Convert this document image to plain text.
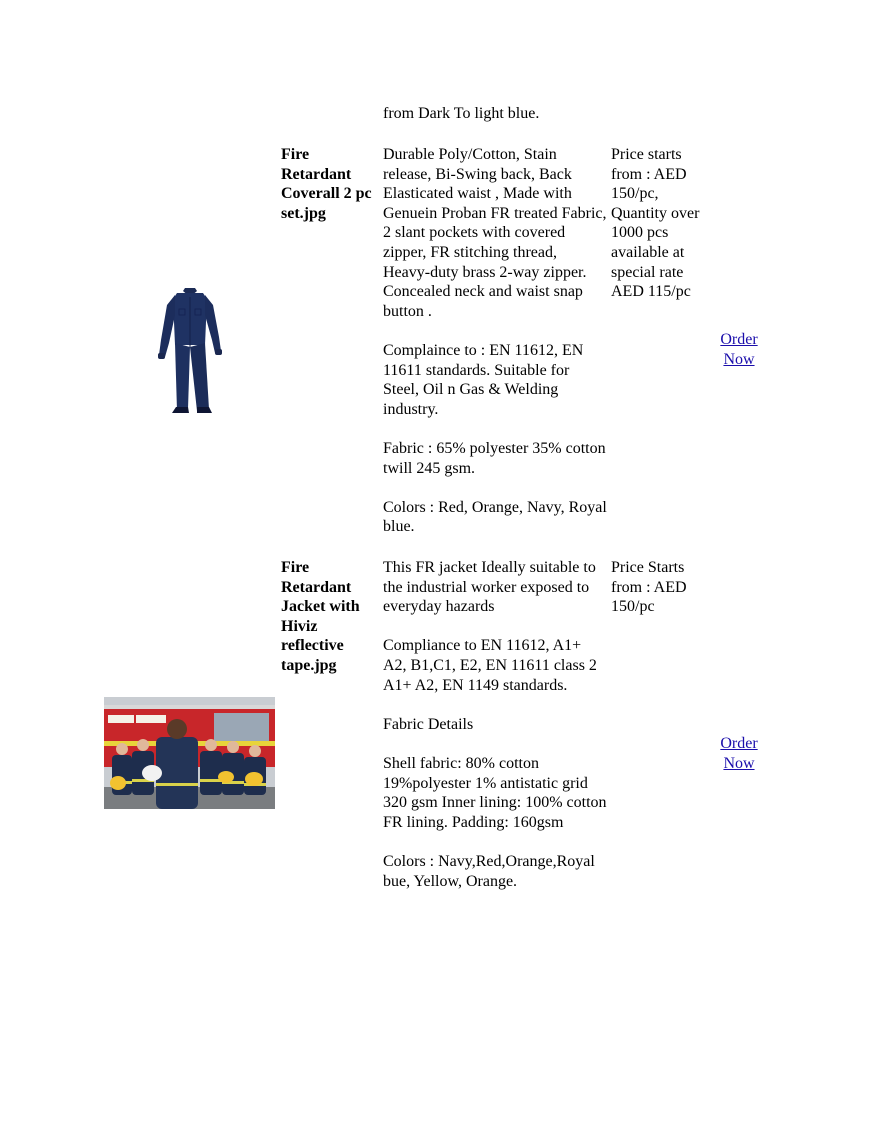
from Dark To light blue.
Fire
Retardant
Coverall 2 pc
set.jpg

Durable Poly/Cotton, Stain release, Bi-Swing back, Back Elasticated waist , Made with Genuein Proban FR treated Fabric, 2 slant pockets with covered zipper, FR stitching thread, Heavy-duty brass 2-way zipper. Concealed neck and waist snap button .

Complaince to : EN 11612, EN 11611 standards. Suitable for Steel, Oil n Gas & Welding industry.

Fabric : 65% polyester 35% cotton twill 245 gsm.

Colors : Red, Orange, Navy, Royal blue.

Price starts
from : AED
150/pc,
Quantity over
1000 pcs
available at
special rate
AED 115/pc
Order
Now
Fire
Retardant
Jacket with
Hiviz
reflective
tape.jpg

This FR jacket Ideally suitable to the industrial worker exposed to everyday hazards

Compliance to EN 11612, A1+ A2, B1,C1, E2, EN 11611 class 2 A1+ A2, EN 1149 standards.

Fabric Details

Shell fabric: 80% cotton 19%polyester 1% antistatic grid 320 gsm Inner lining: 100% cotton FR lining. Padding: 160gsm

Colors : Navy,Red,Orange,Royal bue, Yellow, Orange.

Price Starts
from : AED
150/pc
Order
Now
